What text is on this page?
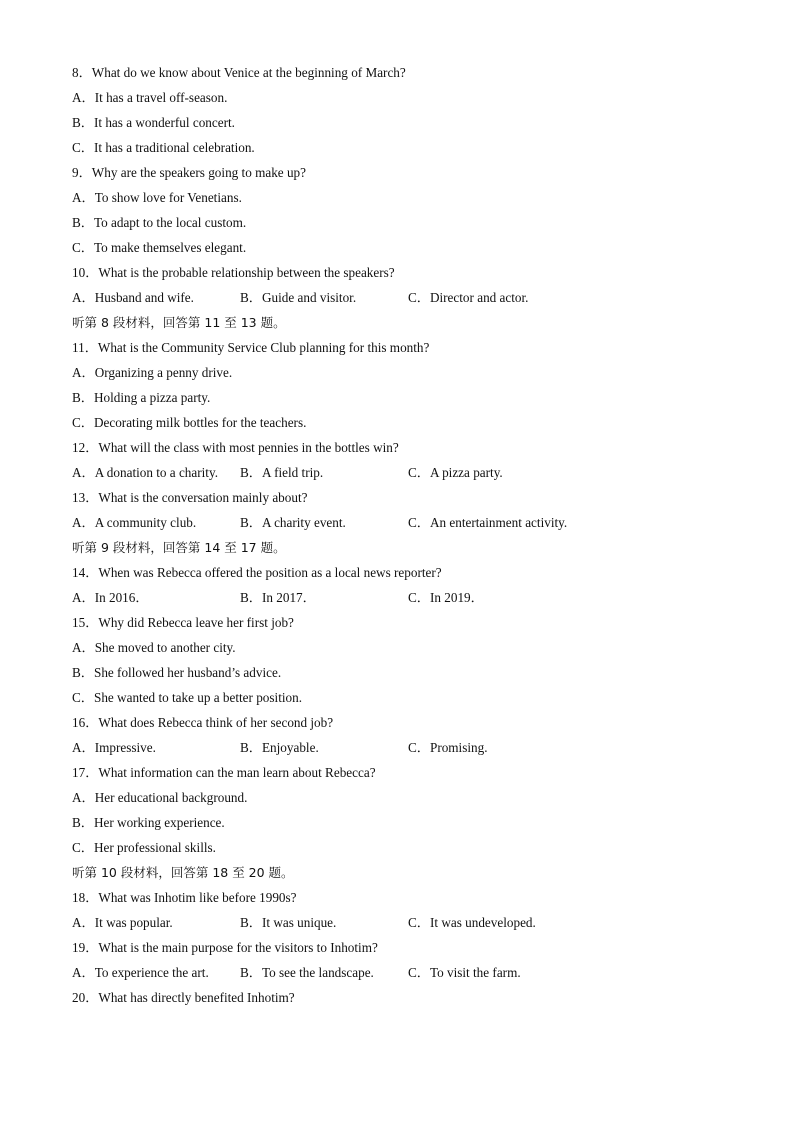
8．What do we know about Venice at the beginning of March?
A．It has a travel off-season.
B．It has a wonderful concert.
C．It has a traditional celebration.
9．Why are the speakers going to make up?
A．To show love for Venetians.
B．To adapt to the local custom.
C．To make themselves elegant.
10．What is the probable relationship between the speakers?
A．Husband and wife.	B．Guide and visitor.	C．Director and actor.
听第 8 段材料，回答第 11 至 13 题。
11．What is the Community Service Club planning for this month?
A．Organizing a penny drive.
B．Holding a pizza party.
C．Decorating milk bottles for the teachers.
12．What will the class with most pennies in the bottles win?
A．A donation to a charity.	B．A field trip.	C．A pizza party.
13．What is the conversation mainly about?
A．A community club.	B．A charity event.	C．An entertainment activity.
听第 9 段材料，回答第 14 至 17 题。
14．When was Rebecca offered the position as a local news reporter?
A．In 2016．	B．In 2017．	C．In 2019．
15．Why did Rebecca leave her first job?
A．She moved to another city.
B．She followed her husband’s advice.
C．She wanted to take up a better position.
16．What does Rebecca think of her second job?
A．Impressive.	B．Enjoyable.	C．Promising.
17．What information can the man learn about Rebecca?
A．Her educational background.
B．Her working experience.
C．Her professional skills.
听第 10 段材料，回答第 18 至 20 题。
18．What was Inhotim like before 1990s?
A．It was popular.	B．It was unique.	C．It was undeveloped.
19．What is the main purpose for the visitors to Inhotim?
A．To experience the art.	B．To see the landscape.	C．To visit the farm.
20．What has directly benefited Inhotim?
